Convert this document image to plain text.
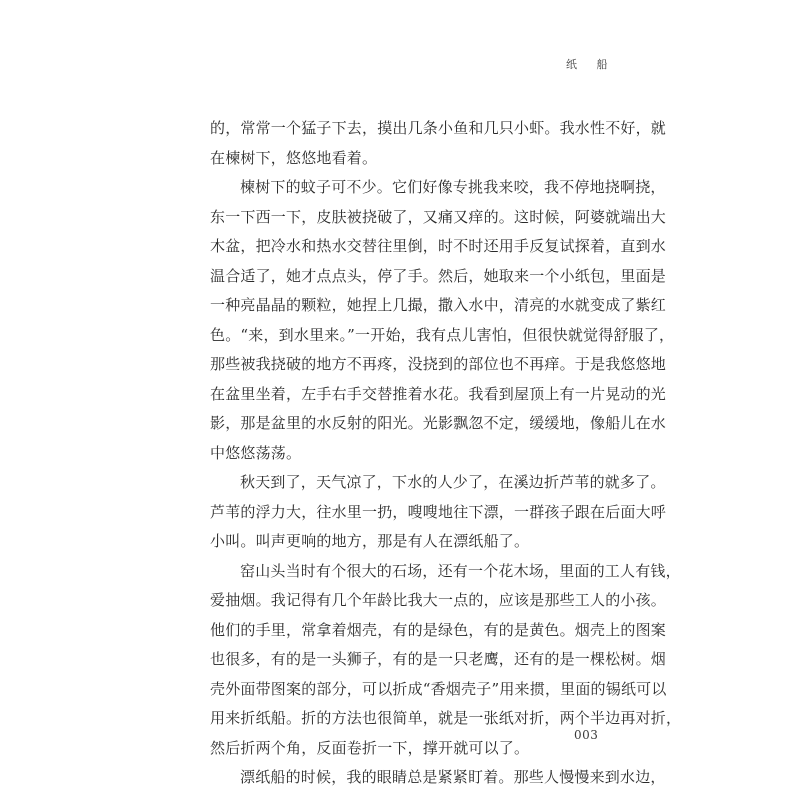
纸 船
的，常常一个猛子下去，摸出几条小鱼和几只小虾。我水性不好，就
在楝树下，悠悠地看着。
楝树下的蚊子可不少。它们好像专挑我来咬，我不停地挠啊挠，
东一下西一下，皮肤被挠破了，又痛又痒的。这时候，阿婆就端出大
木盆，把冷水和热水交替往里倒，时不时还用手反复试探着，直到水
温合适了，她才点点头，停了手。然后，她取来一个小纸包，里面是
一种亮晶晶的颗粒，她捏上几撮，撒入水中，清亮的水就变成了紫红
色。“来，到水里来。”一开始，我有点儿害怕，但很快就觉得舒服了，
那些被我挠破的地方不再疼，没挠到的部位也不再痒。于是我悠悠地
在盆里坐着，左手右手交替推着水花。我看到屋顶上有一片晃动的光
影，那是盆里的水反射的阳光。光影飘忽不定，缓缓地，像船儿在水
中悠悠荡荡。
秋天到了，天气凉了，下水的人少了，在溪边折芦苇的就多了。
芦苇的浮力大，往水里一扔，嗖嗖地往下漂，一群孩子跟在后面大呼
小叫。叫声更响的地方，那是有人在漂纸船了。
窑山头当时有个很大的石场，还有一个花木场，里面的工人有钱，
爱抽烟。我记得有几个年龄比我大一点的，应该是那些工人的小孩。
他们的手里，常拿着烟壳，有的是绿色，有的是黄色。烟壳上的图案
也很多，有的是一头狮子，有的是一只老鹰，还有的是一棵松树。烟
壳外面带图案的部分，可以折成“香烟壳子”用来掼，里面的锡纸可以
用来折纸船。折的方法也很简单，就是一张纸对折，两个半边再对折，
然后折两个角，反面卷折一下，撑开就可以了。
漂纸船的时候，我的眼睛总是紧紧盯着。那些人慢慢来到水边，
003
